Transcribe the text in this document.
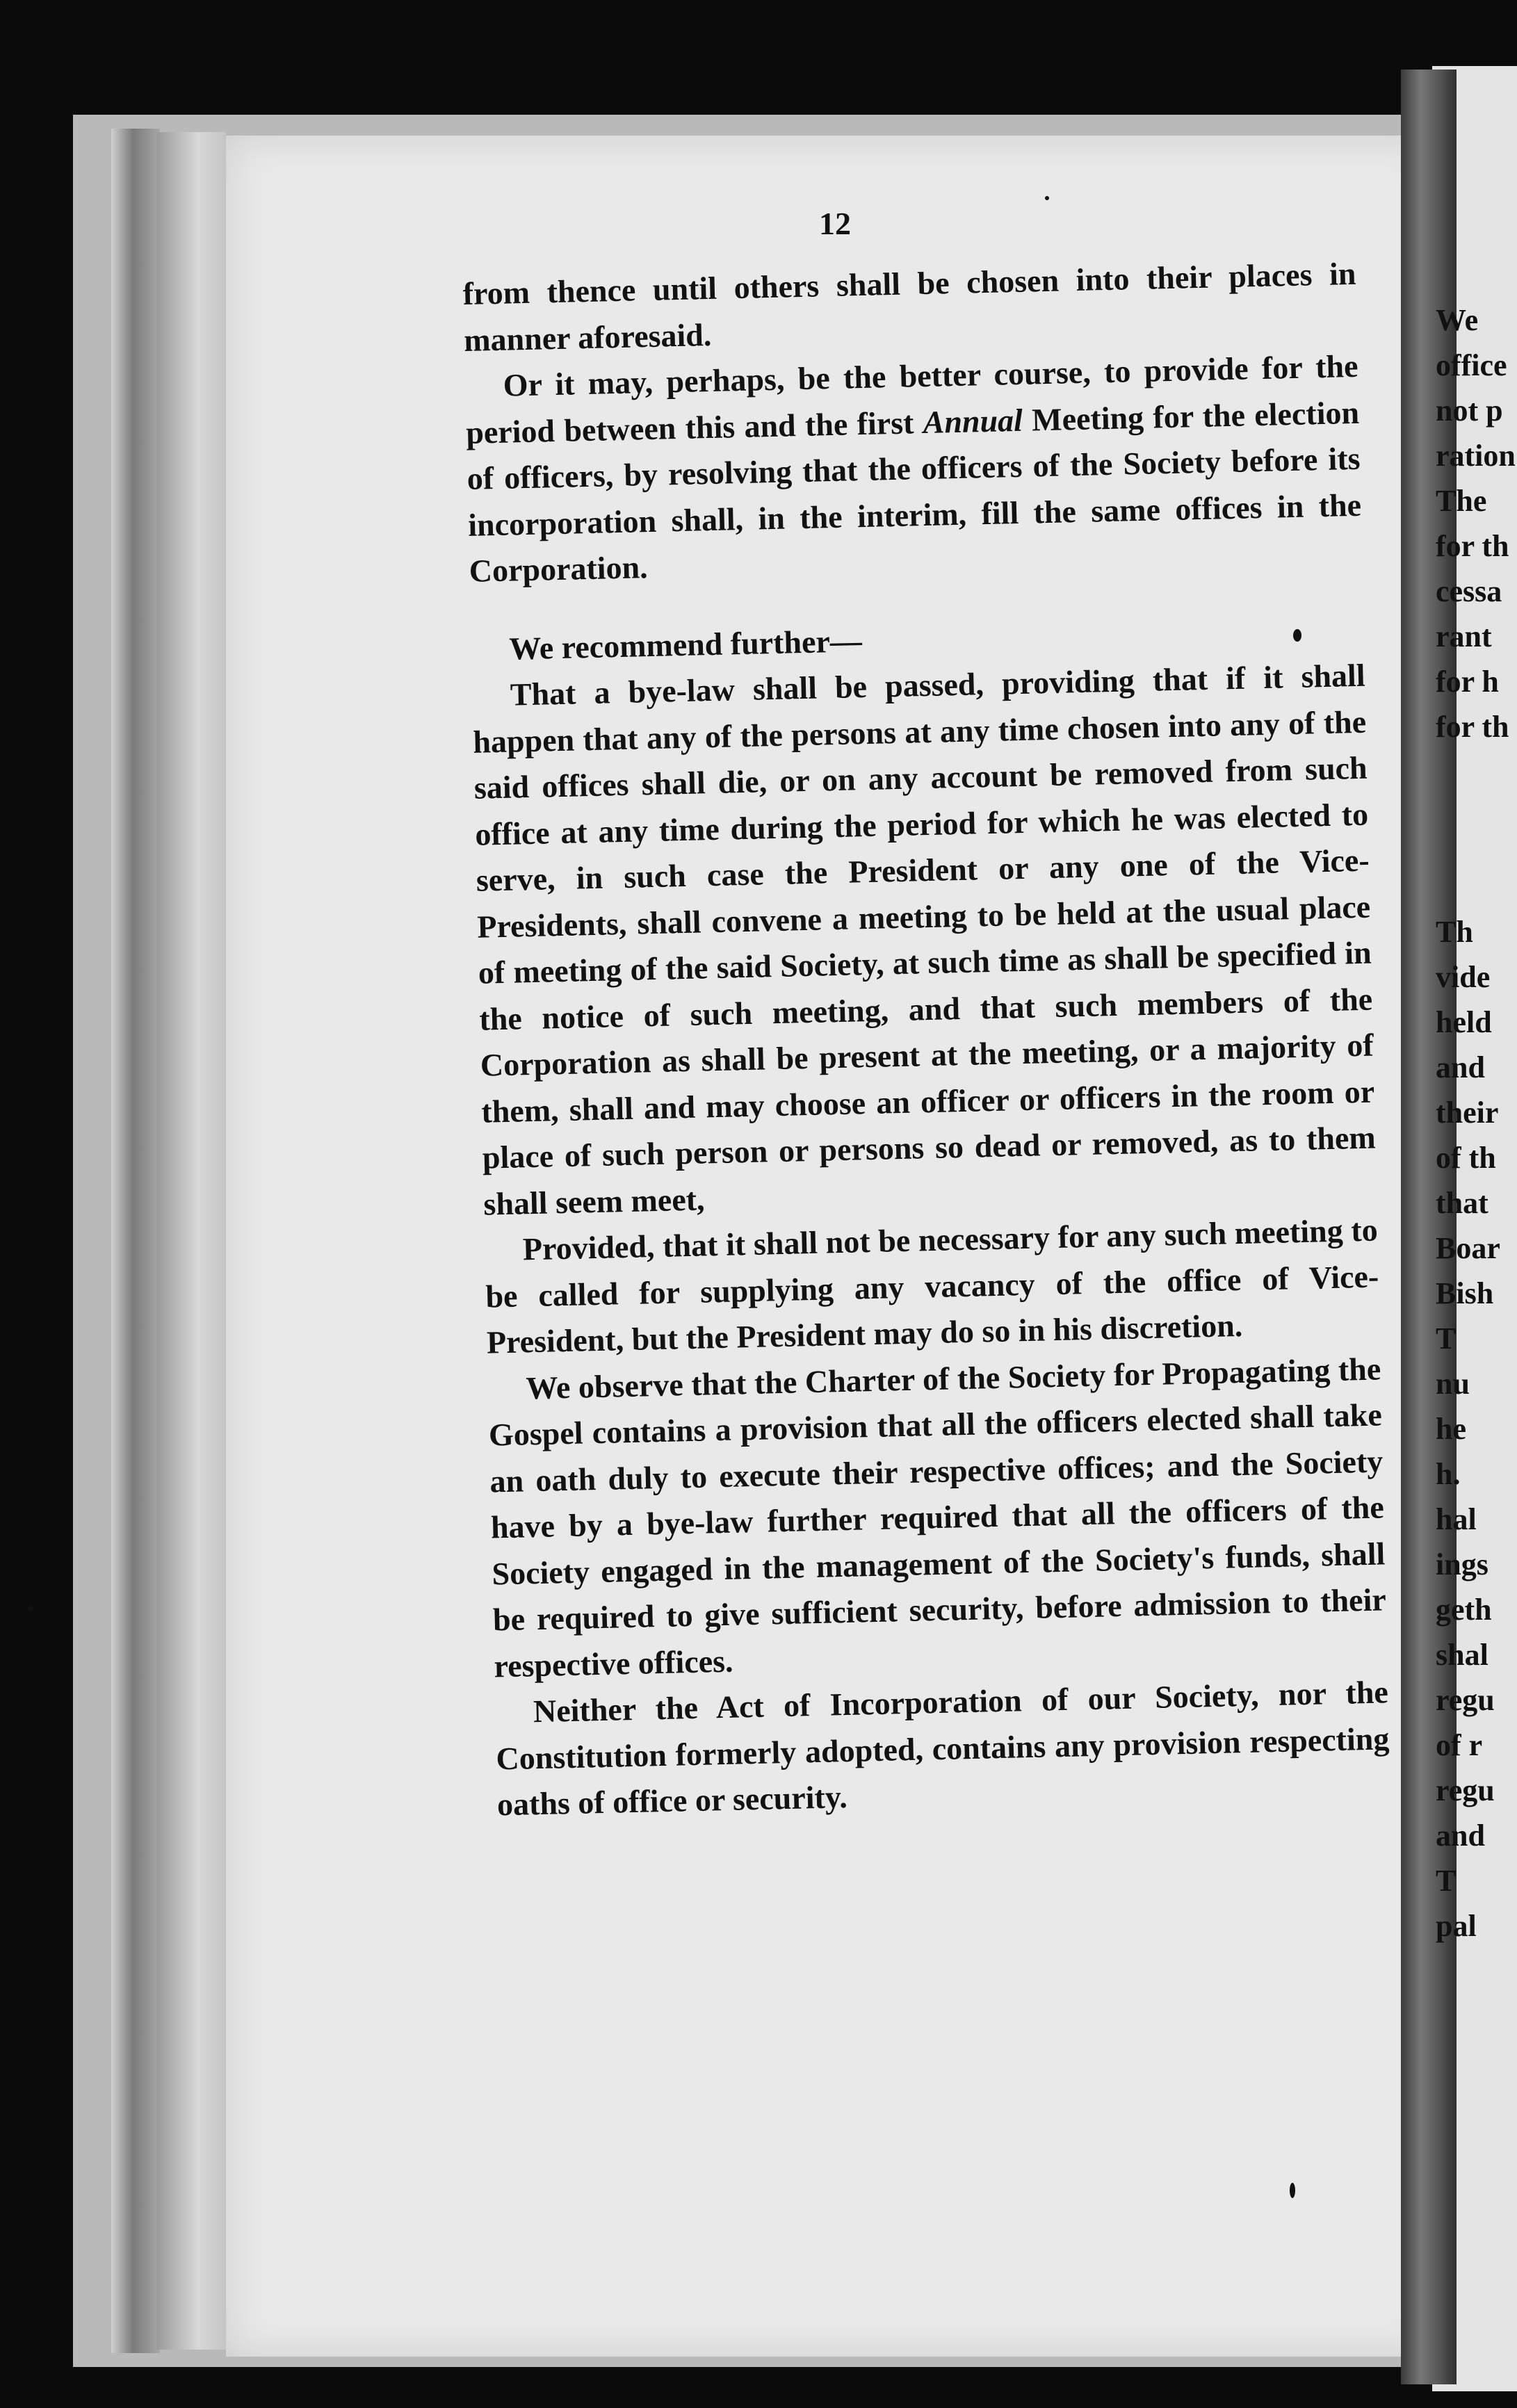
12

from thence until others shall be chosen into their places in manner aforesaid.

Or it may, perhaps, be the better course, to provide for the period between this and the first Annual Meeting for the election of officers, by resolving that the officers of the Society before its incorporation shall, in the interim, fill the same offices in the Corporation.

We recommend further—

That a bye-law shall be passed, providing that if it shall happen that any of the persons at any time chosen into any of the said offices shall die, or on any account be removed from such office at any time during the period for which he was elected to serve, in such case the President or any one of the Vice-Presidents, shall convene a meeting to be held at the usual place of meeting of the said Society, at such time as shall be specified in the notice of such meeting, and that such members of the Corporation as shall be present at the meeting, or a majority of them, shall and may choose an officer or officers in the room or place of such person or persons so dead or removed, as to them shall seem meet,

Provided, that it shall not be necessary for any such meeting to be called for supplying any vacancy of the office of Vice-President, but the President may do so in his discretion.

We observe that the Charter of the Society for Propagating the Gospel contains a provision that all the officers elected shall take an oath duly to execute their respective offices; and the Society have by a bye-law further required that all the officers of the Society engaged in the management of the Society's funds, shall be required to give sufficient security, before admission to their respective offices.

Neither the Act of Incorporation of our Society, nor the Constitution formerly adopted, contains any provision respecting oaths of office or security.

We
office
not p
ration
The
for th
cessa
rant
for h
for th
Th
vide
held
and
their
of th
that
Boar
Bish
T
nu
he
h.
hal
ings
geth
shal
regu
of r
regu
and
T
pal
